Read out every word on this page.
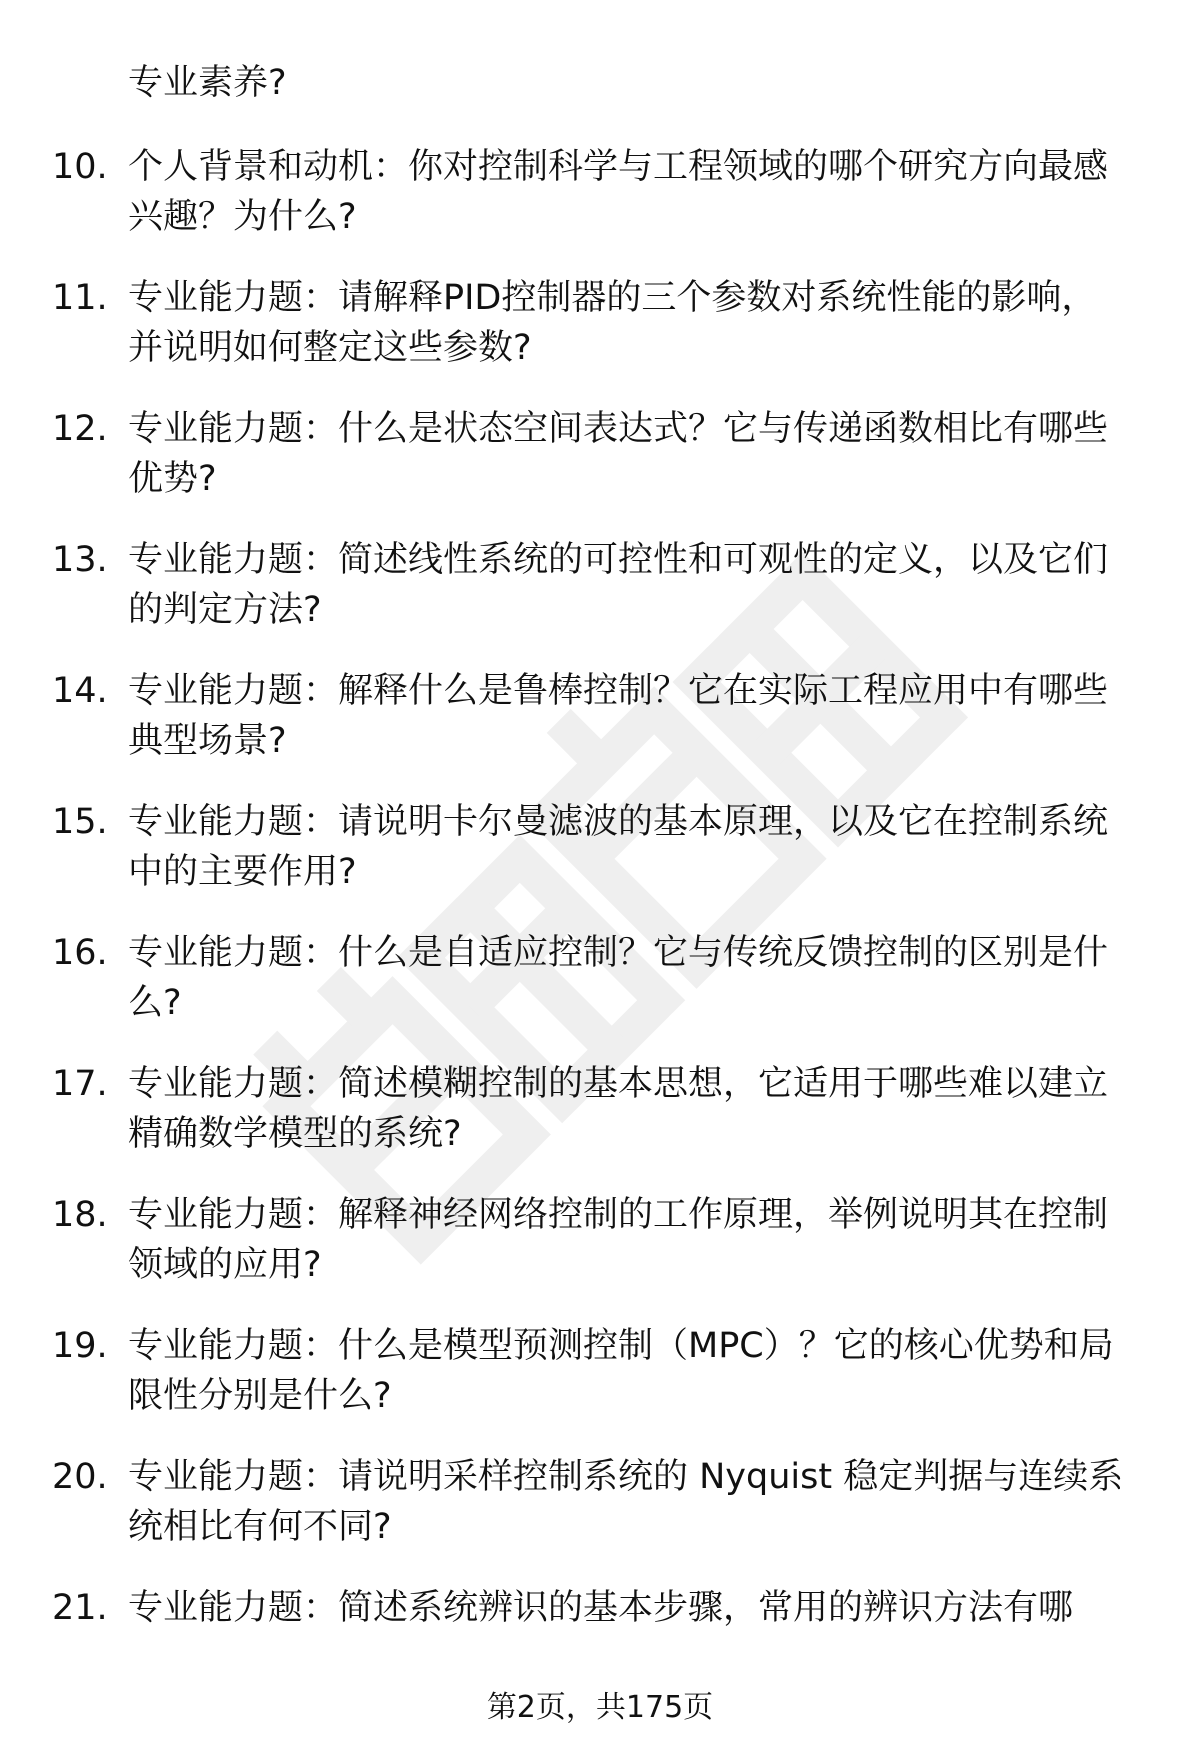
专业素养?
10. 个人背景和动机：你对控制科学与工程领域的哪个研究方向最感
兴趣？为什么?
11. 专业能力题：请解释PID控制器的三个参数对系统性能的影响，
并说明如何整定这些参数?
12. 专业能力题：什么是状态空间表达式？它与传递函数相比有哪些
优势?
13. 专业能力题：简述线性系统的可控性和可观性的定义，以及它们
的判定方法?
14. 专业能力题：解释什么是鲁棒控制？它在实际工程应用中有哪些
典型场景?
15. 专业能力题：请说明卡尔曼滤波的基本原理，以及它在控制系统
中的主要作用?
16. 专业能力题：什么是自适应控制？它与传统反馈控制的区别是什
么?
17. 专业能力题：简述模糊控制的基本思想，它适用于哪些难以建立
精确数学模型的系统?
18. 专业能力题：解释神经网络控制的工作原理，举例说明其在控制
领域的应用?
19. 专业能力题：什么是模型预测控制（MPC）？它的核心优势和局
限性分别是什么?
20. 专业能力题：请说明采样控制系统的 Nyquist 稳定判据与连续系
统相比有何不同?
21. 专业能力题：简述系统辨识的基本步骤，常用的辨识方法有哪
第2页，共175页
